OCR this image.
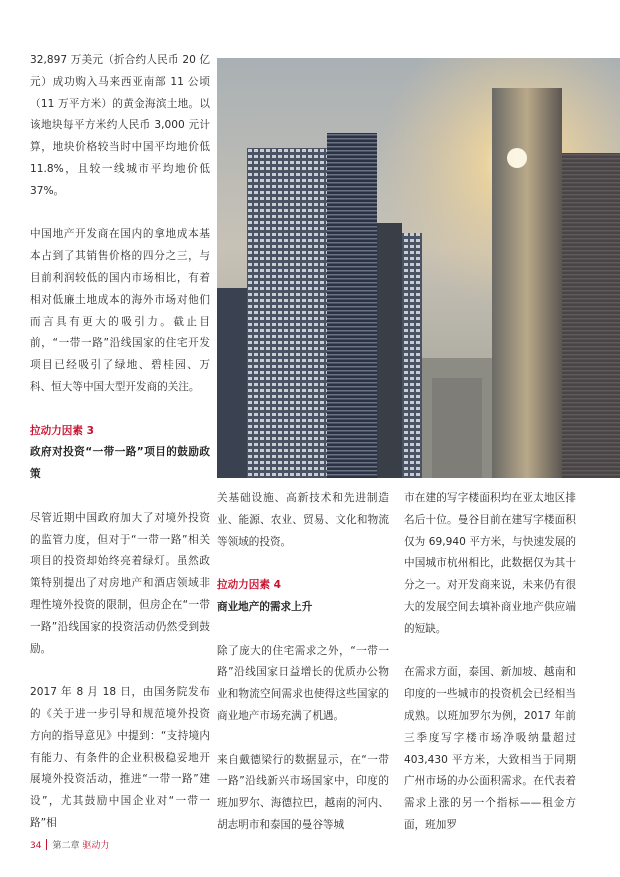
32,897 万美元（折合约人民币 20 亿元）成功购入马来西亚南部 11 公顷（11 万平方米）的黄金海滨土地。以该地块每平方米约人民币 3,000 元计算，地块价格较当时中国平均地价低 11.8%，且较一线城市平均地价低 37%。

中国地产开发商在国内的拿地成本基本占到了其销售价格的四分之三，与目前利润较低的国内市场相比，有着相对低廉土地成本的海外市场对他们而言具有更大的吸引力。截止目前，“一带一路”沿线国家的住宅开发项目已经吸引了绿地、碧桂园、万科、恒大等中国大型开发商的关注。

拉动力因素 3

政府对投资“一带一路”项目的鼓励政策

尽管近期中国政府加大了对境外投资的监管力度，但对于“一带一路”相关项目的投资却始终亮着绿灯。虽然政策特别提出了对房地产和酒店领域非理性境外投资的限制，但房企在“一带一路”沿线国家的投资活动仍然受到鼓励。

2017 年 8 月 18 日，由国务院发布的《关于进一步引导和规范境外投资方向的指导意见》中提到：“支持境内有能力、有条件的企业积极稳妥地开展境外投资活动，推进“一带一路”建设”，尤其鼓励中国企业对“一带一路”相

关基础设施、高新技术和先进制造业、能源、农业、贸易、文化和物流等领域的投资。

拉动力因素 4

商业地产的需求上升

除了庞大的住宅需求之外，“一带一路”沿线国家日益增长的优质办公物业和物流空间需求也使得这些国家的商业地产市场充满了机遇。

来自戴德梁行的数据显示，在“一带一路”沿线新兴市场国家中，印度的班加罗尔、海德拉巴，越南的河内、胡志明市和泰国的曼谷等城

市在建的写字楼面积均在亚太地区排名后十位。曼谷目前在建写字楼面积仅为 69,940 平方米，与快速发展的中国城市杭州相比，此数据仅为其十分之一。对开发商来说，未来仍有很大的发展空间去填补商业地产供应端的短缺。

在需求方面，泰国、新加坡、越南和印度的一些城市的投资机会已经相当成熟。以班加罗尔为例，2017 年前三季度写字楼市场净吸纳量超过 403,430 平方米，大致相当于同期广州市场的办公面积需求。在代表着需求上涨的另一个指标——租金方面，班加罗

34 第二章 驱动力
